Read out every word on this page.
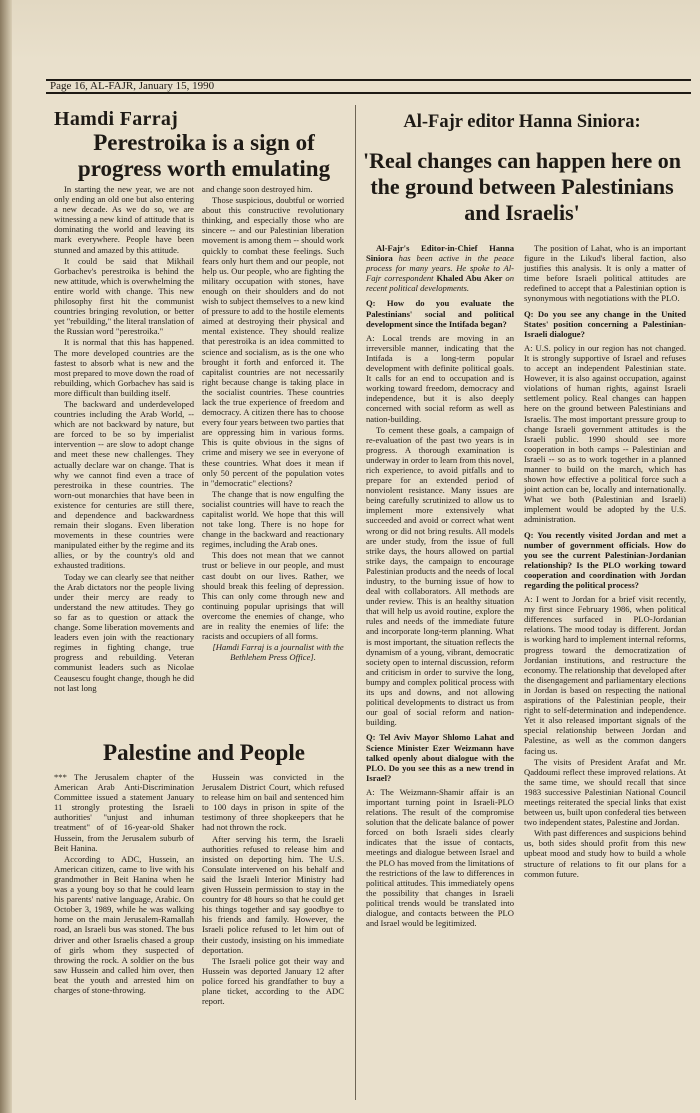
Page 16, AL-FAJR, January 15, 1990
Hamdi Farraj
Perestroika is a sign of progress worth emulating

In starting the new year, we are not only ending an old one but also entering a new decade. As we do so, we are witnessing a new kind of attitude that is dominating the world and leaving its mark everywhere. People have been stunned and amazed by this attitude.

It could be said that Mikhail Gorbachev's perestroika is behind the new attitude, which is overwhelming the entire world with change. This new philosophy first hit the communist countries bringing revolution, or better yet "rebuilding," the literal translation of the Russian word "perestroika."

It is normal that this has happened. The more developed countries are the fastest to absorb what is new and the most prepared to move down the road of rebuilding, which Gorbachev has said is more difficult than building itself.

The backward and underdeveloped countries including the Arab World, -- which are not backward by nature, but are forced to be so by imperialist intervention -- are slow to adopt change and meet these new challenges. They actually declare war on change. That is why we cannot find even a trace of perestroika in these countries. The worn-out monarchies that have been in existence for centuries are still there, and dependence and backwardness remain their slogans. Even liberation movements in these countries were manipulated either by the regime and its allies, or by the country's old and exhausted traditions.

Today we can clearly see that neither the Arab dictators nor the people living under their mercy are ready to understand the new attitudes. They go so far as to question or attack the change. Some liberation movements and leaders even join with the reactionary regimes in fighting change, true progress and rebuilding. Veteran communist leaders such as Nicolae Ceausescu fought change, though he did not last long

and change soon destroyed him.

Those suspicious, doubtful or worried about this constructive revolutionary thinking, and especially those who are sincere -- and our Palestinian liberation movement is among them -- should work quickly to combat these feelings. Such fears only hurt them and our people, not help us. Our people, who are fighting the military occupation with stones, have enough on their shoulders and do not wish to subject themselves to a new kind of pressure to add to the hostile elements aimed at destroying their physical and mental existence. They should realize that perestroika is an idea committed to science and socialism, as is the one who brought it forth and enforced it. The capitalist countries are not necessarily right because change is taking place in the socialist countries. These countries lack the true experience of freedom and democracy. A citizen there has to choose every four years between two parties that are oppressing him in various forms. This is quite obvious in the signs of crime and misery we see in everyone of these countries. What does it mean if only 50 percent of the population votes in "democratic" elections?

The change that is now engulfing the socialist countries will have to reach the capitalist world. We hope that this will not take long. There is no hope for change in the backward and reactionary regimes, including the Arab ones.

This does not mean that we cannot trust or believe in our people, and must cast doubt on our lives. Rather, we should break this feeling of depression. This can only come through new and continuing popular uprisings that will overcome the enemies of change, who are in reality the enemies of life: the racists and occupiers of all forms.

[Hamdi Farraj is a journalist with the Bethlehem Press Office].

Palestine and People

*** The Jerusalem chapter of the American Arab Anti-Discrimination Committee issued a statement January 11 strongly protesting the Israeli authorities' "unjust and inhuman treatment" of of 16-year-old Shaker Hussein, from the Jerusalem suburb of Beit Hanina.

According to ADC, Hussein, an American citizen, came to live with his grandmother in Beit Hanina when he was a young boy so that he could learn his parents' native language, Arabic. On October 3, 1989, while he was walking home on the main Jerusalem-Ramallah road, an Israeli bus was stoned. The bus driver and other Israelis chased a group of girls whom they suspected of throwing the rock. A soldier on the bus saw Hussein and called him over, then beat the youth and arrested him on charges of stone-throwing.

Hussein was convicted in the Jerusalem District Court, which refused to release him on bail and sentenced him to 100 days in prison in spite of the testimony of three shopkeepers that he had not thrown the rock.

After serving his term, the Israeli authorities refused to release him and insisted on deporting him. The U.S. Consulate intervened on his behalf and said the Israeli Interior Ministry had given Hussein permission to stay in the country for 48 hours so that he could get his things together and say goodbye to his friends and family. However, the Israeli police refused to let him out of their custody, insisting on his immediate deportation.

The Israeli police got their way and Hussein was deported January 12 after police forced his grandfather to buy a plane ticket, according to the ADC report.

Al-Fajr editor Hanna Siniora:
'Real changes can happen here on the ground between Palestinians and Israelis'

Al-Fajr's Editor-in-Chief Hanna Siniora has been active in the peace process for many years. He spoke to Al-Fajr correspondent Khaled Abu Aker on recent political developments.

Q: How do you evaluate the Palestinians' social and political development since the Intifada began?

A: Local trends are moving in an irreversible manner, indicating that the Intifada is a long-term popular development with definite political goals. It calls for an end to occupation and is working toward freedom, democracy and independence, but it is also deeply concerned with social reform as well as nation-building.

To cement these goals, a campaign of re-evaluation of the past two years is in progress. A thorough examination is underway in order to learn from this novel, rich experience, to avoid pitfalls and to prepare for an extended period of nonviolent resistance. Many issues are being carefully scrutinized to allow us to implement more extensively what succeeded and avoid or correct what went wrong or did not bring results. All models are under study, from the issue of full strike days, the hours allowed on partial strike days, the campaign to encourage Palestinian products and the needs of local industry, to the burning issue of how to deal with collaborators. All methods are under review. This is an healthy situation that will help us avoid routine, explore the rules and needs of the immediate future and incorporate long-term planning. What is most important, the situation reflects the dynamism of a young, vibrant, democratic society open to internal discussion, reform and criticism in order to survive the long, bumpy and complex political process with its ups and downs, and not allowing political developments to distract us from our goal of social reform and nation-building.

Q: Tel Aviv Mayor Shlomo Lahat and Science Minister Ezer Weizmann have talked openly about dialogue with the PLO. Do you see this as a new trend in Israel?

A: The Weizmann-Shamir affair is an important turning point in Israeli-PLO relations. The result of the compromise solution that the delicate balance of power forced on both Israeli sides clearly indicates that the issue of contacts, meetings and dialogue between Israel and the PLO has moved from the limitations of the restrictions of the law to differences in political attitudes. This immediately opens the possibility that changes in Israeli political trends would be translated into dialogue, and contacts between the PLO and Israel would be legitimized.

The position of Lahat, who is an important figure in the Likud's liberal faction, also justifies this analysis. It is only a matter of time before Israeli political attitudes are redefined to accept that a Palestinian option is synonymous with negotiations with the PLO.

Q: Do you see any change in the United States' position concerning a Palestinian-Israeli dialogue?

A: U.S. policy in our region has not changed. It is strongly supportive of Israel and refuses to accept an independent Palestinian state. However, it is also against occupation, against violations of human rights, against Israeli settlement policy. Real changes can happen here on the ground between Palestinians and Israelis. The most important pressure group to change Israeli government attitudes is the Israeli public. 1990 should see more cooperation in both camps -- Palestinian and Israeli -- so as to work together in a planned manner to build on the march, which has shown how effective a political force such a joint action can be, locally and internationally. What we both (Palestinian and Israeli) implement would be adopted by the U.S. administration.

Q: You recently visited Jordan and met a number of government officials. How do you see the current Palestinian-Jordanian relationship? Is the PLO working toward cooperation and coordination with Jordan regarding the political process?

A: I went to Jordan for a brief visit recently, my first since February 1986, when political differences surfaced in PLO-Jordanian relations. The mood today is different. Jordan is working hard to implement internal reforms, progress toward the democratization of Jordanian institutions, and restructure the economy. The relationship that developed after the disengagement and parliamentary elections in Jordan is based on respecting the national aspirations of the Palestinian people, their right to self-determination and independence. Yet it also released important signals of the special relationship between Jordan and Palestine, as well as the common dangers facing us.

The visits of President Arafat and Mr. Qaddoumi reflect these improved relations. At the same time, we should recall that since 1983 successive Palestinian National Council meetings reiterated the special links that exist between us, built upon confederal ties between two independent states, Palestine and Jordan.

With past differences and suspicions behind us, both sides should profit from this new upbeat mood and study how to build a whole structure of relations to fit our plans for a common future.
